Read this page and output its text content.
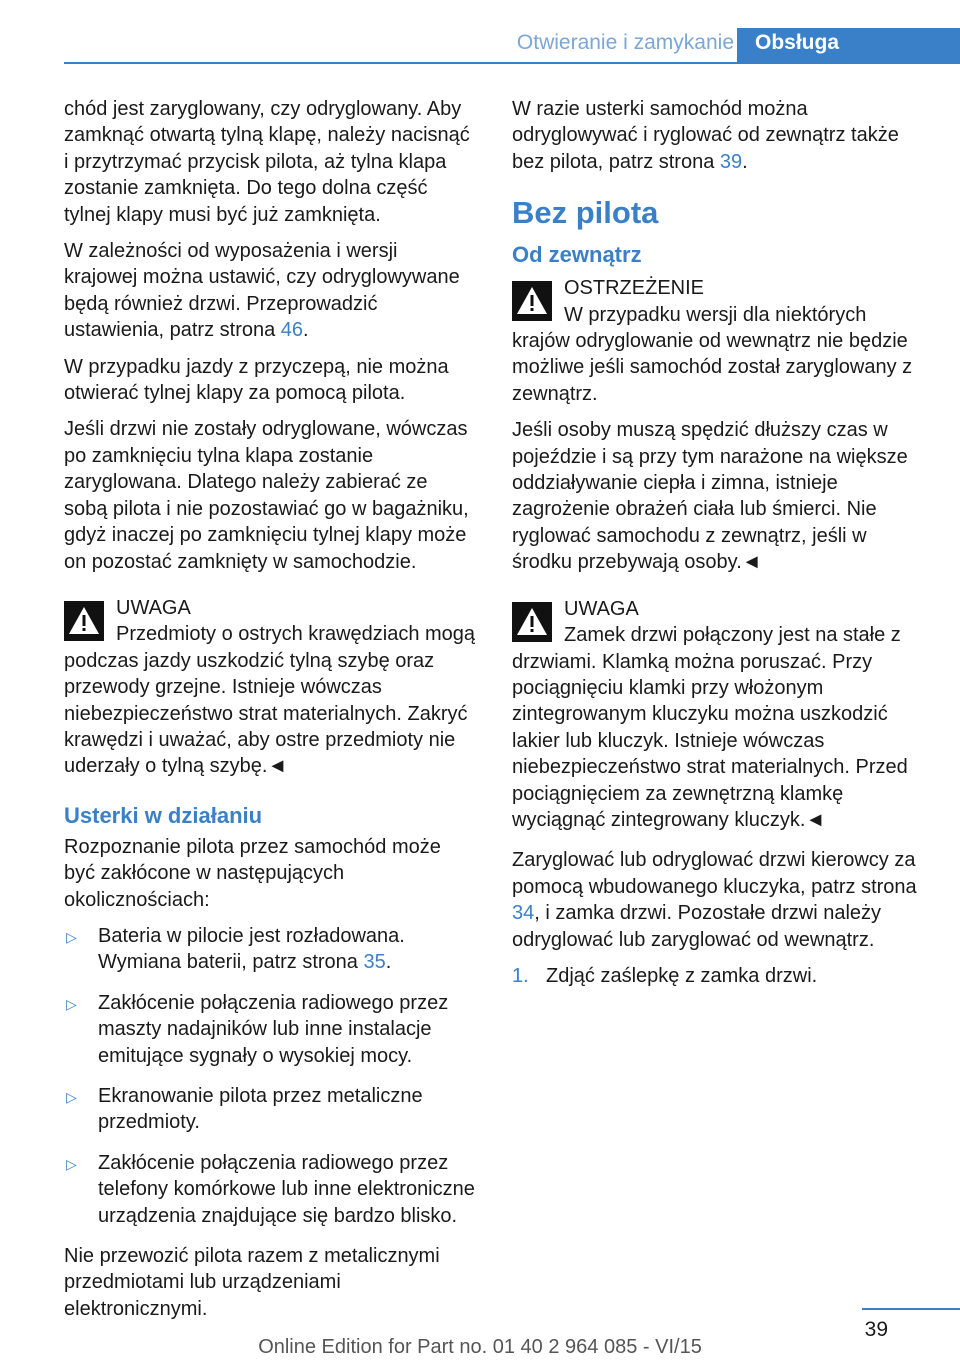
Otwieranie i zamykanie	Obsługa

chód jest zaryglowany, czy odryglowany. Aby zamknąć otwartą tylną klapę, należy nacisnąć i przytrzymać przycisk pilota, aż tylna klapa zostanie zamknięta. Do tego dolna część tylnej klapy musi być już zamknięta.

W zależności od wyposażenia i wersji krajowej można ustawić, czy odryglowywane będą również drzwi. Przeprowadzić ustawienia, patrz strona 46.

W przypadku jazdy z przyczepą, nie można otwierać tylnej klapy za pomocą pilota.

Jeśli drzwi nie zostały odryglowane, wówczas po zamknięciu tylna klapa zostanie zaryglowana. Dlatego należy zabierać ze sobą pilota i nie pozostawiać go w bagażniku, gdyż inaczej po zamknięciu tylnej klapy może on pozostać zamknięty w samochodzie.

UWAGA
Przedmioty o ostrych krawędziach mogą podczas jazdy uszkodzić tylną szybę oraz przewody grzejne. Istnieje wówczas niebezpieczeństwo strat materialnych. Zakryć krawędzi i uważać, aby ostre przedmioty nie uderzały o tylną szybę.◄
Usterki w działaniu

Rozpoznanie pilota przez samochód może być zakłócone w następujących okolicznościach:

▷ Bateria w pilocie jest rozładowana. Wymiana baterii, patrz strona 35.
▷ Zakłócenie połączenia radiowego przez maszty nadajników lub inne instalacje emitujące sygnały o wysokiej mocy.
▷ Ekranowanie pilota przez metaliczne przedmioty.
▷ Zakłócenie połączenia radiowego przez telefony komórkowe lub inne elektroniczne urządzenia znajdujące się bardzo blisko.

Nie przewozić pilota razem z metalicznymi przedmiotami lub urządzeniami elektronicznymi.

W razie usterki samochód można odryglowywać i ryglować od zewnątrz także bez pilota, patrz strona 39.

Bez pilota
Od zewnątrz
OSTRZEŻENIE

W przypadku wersji dla niektórych krajów odryglowanie od wewnątrz nie będzie możliwe jeśli samochód został zaryglowany z zewnątrz.

Jeśli osoby muszą spędzić dłuższy czas w pojeździe i są przy tym narażone na większe oddziaływanie ciepła i zimna, istnieje zagrożenie obrażeń ciała lub śmierci. Nie ryglować samochodu z zewnątrz, jeśli w środku przebywają osoby.◄

UWAGA
Zamek drzwi połączony jest na stałe z drzwiami. Klamką można poruszać. Przy pociągnięciu klamki przy włożonym zintegrowanym kluczyku można uszkodzić lakier lub kluczyk. Istnieje wówczas niebezpieczeństwo strat materialnych. Przed pociągnięciem za zewnętrzną klamkę wyciągnąć zintegrowany kluczyk.◄

Zaryglować lub odryglować drzwi kierowcy za pomocą wbudowanego kluczyka, patrz strona 34, i zamka drzwi. Pozostałe drzwi należy odryglować lub zaryglować od wewnątrz.

1. Zdjąć zaślepkę z zamka drzwi.
39
Online Edition for Part no. 01 40 2 964 085 - VI/15
